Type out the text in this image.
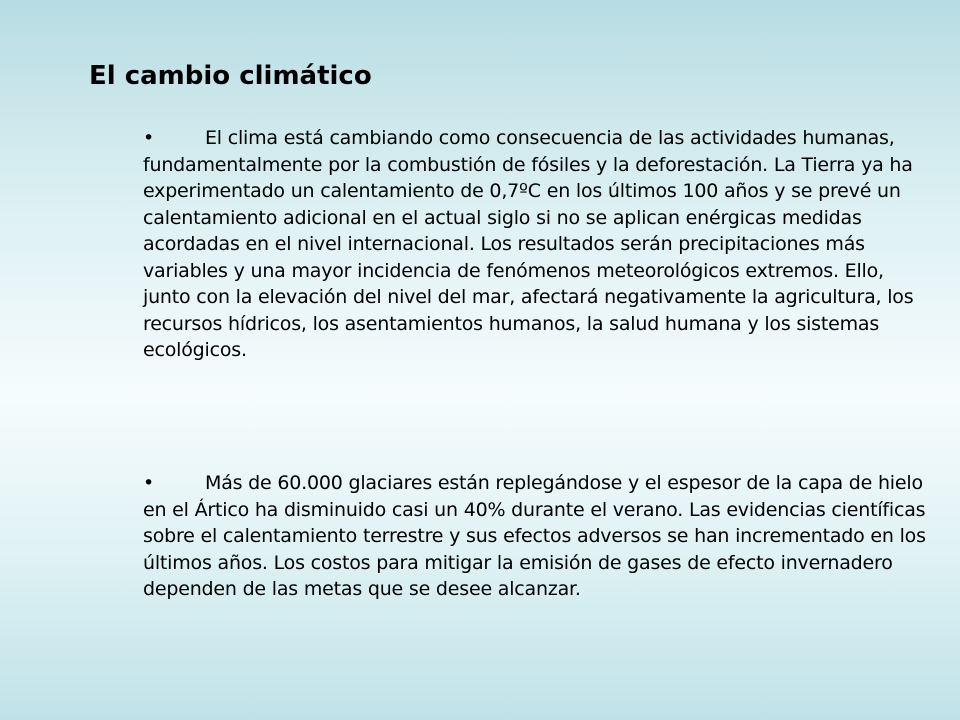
El cambio climático

•	El clima está cambiando como consecuencia de las actividades humanas, fundamentalmente por la combustión de fósiles y la deforestación. La Tierra ya ha experimentado un calentamiento de 0,7ºC en los últimos 100 años y se prevé un calentamiento adicional en el actual siglo si no se aplican enérgicas medidas acordadas en el nivel internacional. Los resultados serán precipitaciones más variables y una mayor incidencia de fenómenos meteorológicos extremos. Ello, junto con la elevación del nivel del mar, afectará negativamente la agricultura, los recursos hídricos, los asentamientos humanos, la salud humana y los sistemas ecológicos.

•	Más de 60.000 glaciares están replegándose y el espesor de la capa de hielo en el Ártico ha disminuido casi un 40% durante el verano. Las evidencias científicas sobre el calentamiento terrestre y sus efectos adversos se han incrementado en los últimos años. Los costos para mitigar la emisión de gases de efecto invernadero dependen de las metas que se desee alcanzar.
